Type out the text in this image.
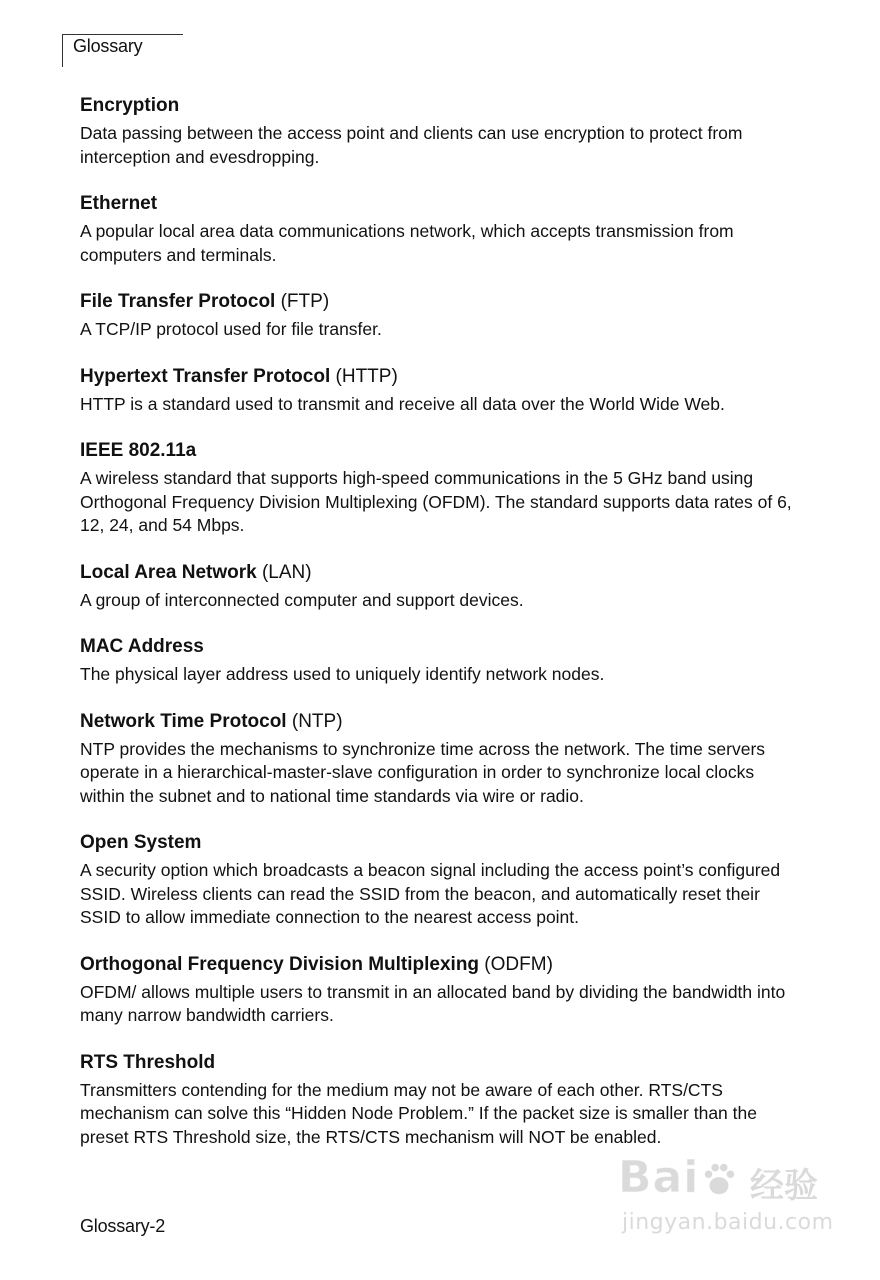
Glossary

Encryption

Data passing between the access point and clients can use encryption to protect from interception and evesdropping.

Ethernet

A popular local area data communications network, which accepts transmission from computers and terminals.

File Transfer Protocol (FTP)

A TCP/IP protocol used for file transfer.

Hypertext Transfer Protocol (HTTP)

HTTP is a standard used to transmit and receive all data over the World Wide Web.

IEEE 802.11a

A wireless standard that supports high-speed communications in the 5 GHz band using Orthogonal Frequency Division Multiplexing (OFDM). The standard supports data rates of 6, 12, 24, and 54 Mbps.

Local Area Network (LAN)

A group of interconnected computer and support devices.

MAC Address

The physical layer address used to uniquely identify network nodes.

Network Time Protocol (NTP)

NTP provides the mechanisms to synchronize time across the network. The time servers operate in a hierarchical-master-slave configuration in order to synchronize local clocks within the subnet and to national time standards via wire or radio.

Open System

A security option which broadcasts a beacon signal including the access point’s configured SSID. Wireless clients can read the SSID from the beacon, and automatically reset their SSID to allow immediate connection to the nearest access point.

Orthogonal Frequency Division Multiplexing (ODFM)

OFDM/ allows multiple users to transmit in an allocated band by dividing the bandwidth into many narrow bandwidth carriers.

RTS Threshold

Transmitters contending for the medium may not be aware of each other. RTS/CTS mechanism can solve this “Hidden Node Problem.” If the packet size is smaller than the preset RTS Threshold size, the RTS/CTS mechanism will NOT be enabled.

Glossary-2
Bai 经验
jingyan.baidu.com
